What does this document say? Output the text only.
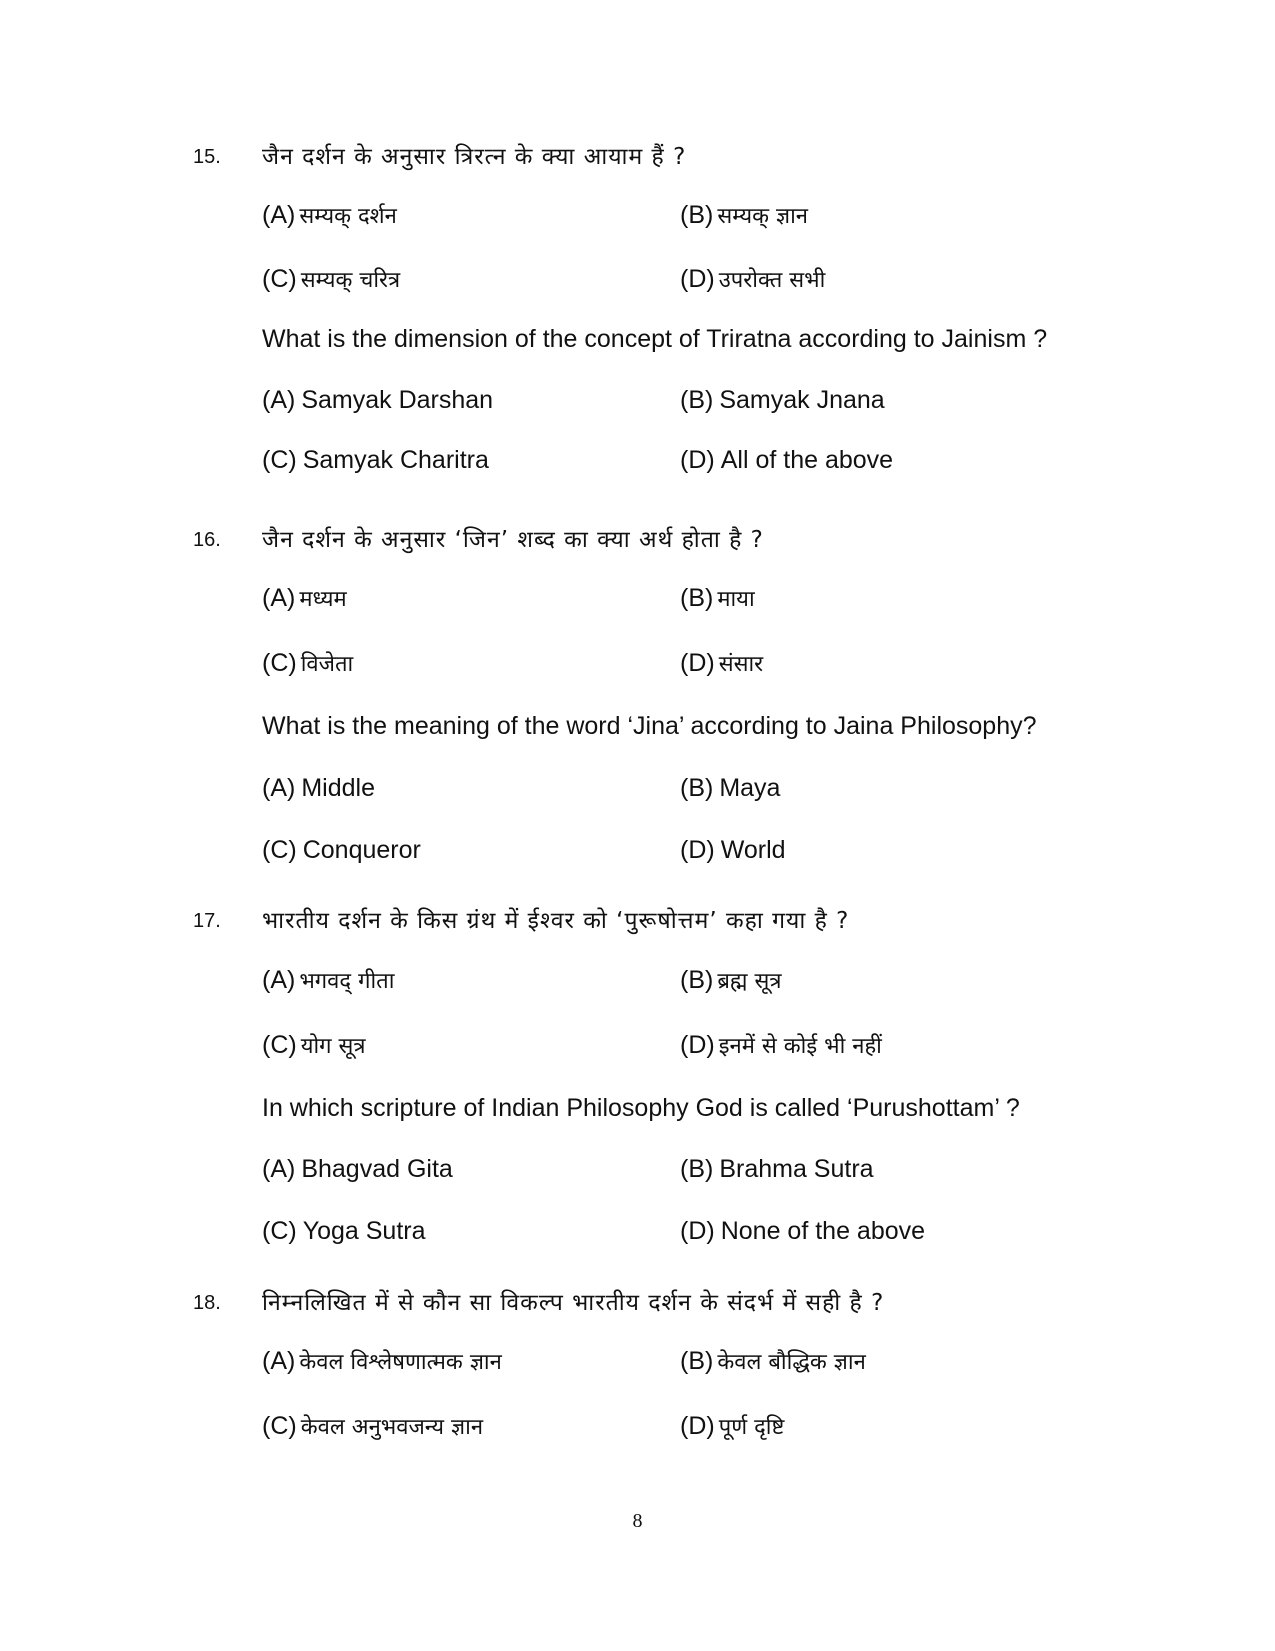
15. जैन दर्शन के अनुसार त्रिरत्न के क्या आयाम हैं ?
(A) सम्यक् दर्शन	(B) सम्यक् ज्ञान
(C) सम्यक् चरित्र	(D) उपरोक्त सभी
What is the dimension of the concept of Triratna according to Jainism ?
(A) Samyak Darshan	(B) Samyak Jnana
(C) Samyak Charitra	(D) All of the above
16. जैन दर्शन के अनुसार ‘जिन’ शब्द का क्या अर्थ होता है ?
(A) मध्यम	(B) माया
(C) विजेता	(D) संसार
What is the meaning of the word ‘Jina’ according to Jaina Philosophy?
(A) Middle	(B) Maya
(C) Conqueror	(D) World
17. भारतीय दर्शन के किस ग्रंथ में ईश्वर को ‘पुरूषोत्तम’ कहा गया है ?
(A) भगवद् गीता	(B) ब्रह्म सूत्र
(C) योग सूत्र	(D) इनमें से कोई भी नहीं
In which scripture of Indian Philosophy God is called ‘Purushottam’ ?
(A) Bhagvad Gita	(B) Brahma Sutra
(C) Yoga Sutra	(D) None of the above
18. निम्नलिखित में से कौन सा विकल्प भारतीय दर्शन के संदर्भ में सही है ?
(A) केवल विश्लेषणात्मक ज्ञान	(B) केवल बौद्धिक ज्ञान
(C) केवल अनुभवजन्य ज्ञान	(D) पूर्ण दृष्टि
8
